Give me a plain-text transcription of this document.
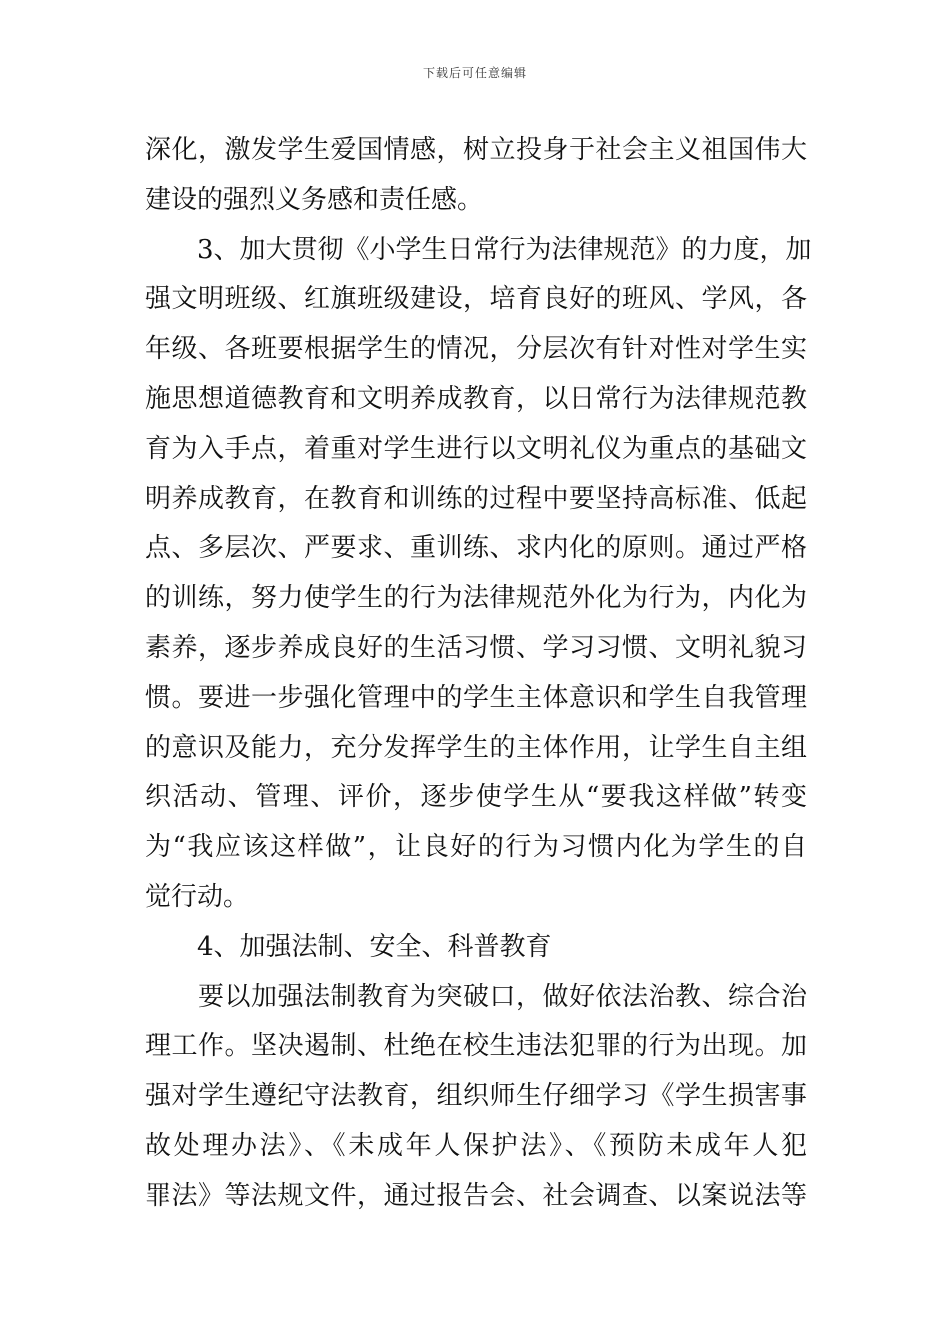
下载后可任意编辑
深化，激发学生爱国情感，树立投身于社会主义祖国伟大
建设的强烈义务感和责任感。
　　3、加大贯彻《小学生日常行为法律规范》的力度，加
强文明班级、红旗班级建设，培育良好的班风、学风，各
年级、各班要根据学生的情况，分层次有针对性对学生实
施思想道德教育和文明养成教育，以日常行为法律规范教
育为入手点，着重对学生进行以文明礼仪为重点的基础文
明养成教育，在教育和训练的过程中要坚持高标准、低起
点、多层次、严要求、重训练、求内化的原则。通过严格
的训练，努力使学生的行为法律规范外化为行为，内化为
素养，逐步养成良好的生活习惯、学习习惯、文明礼貌习
惯。要进一步强化管理中的学生主体意识和学生自我管理
的意识及能力，充分发挥学生的主体作用，让学生自主组
织活动、管理、评价，逐步使学生从“要我这样做”转变
为“我应该这样做”，让良好的行为习惯内化为学生的自
觉行动。
　　4、加强法制、安全、科普教育
　　要以加强法制教育为突破口，做好依法治教、综合治
理工作。坚决遏制、杜绝在校生违法犯罪的行为出现。加
强对学生遵纪守法教育，组织师生仔细学习《学生损害事
故处理办法》、《未成年人保护法》、《预防未成年人犯
罪法》等法规文件，通过报告会、社会调查、以案说法等
